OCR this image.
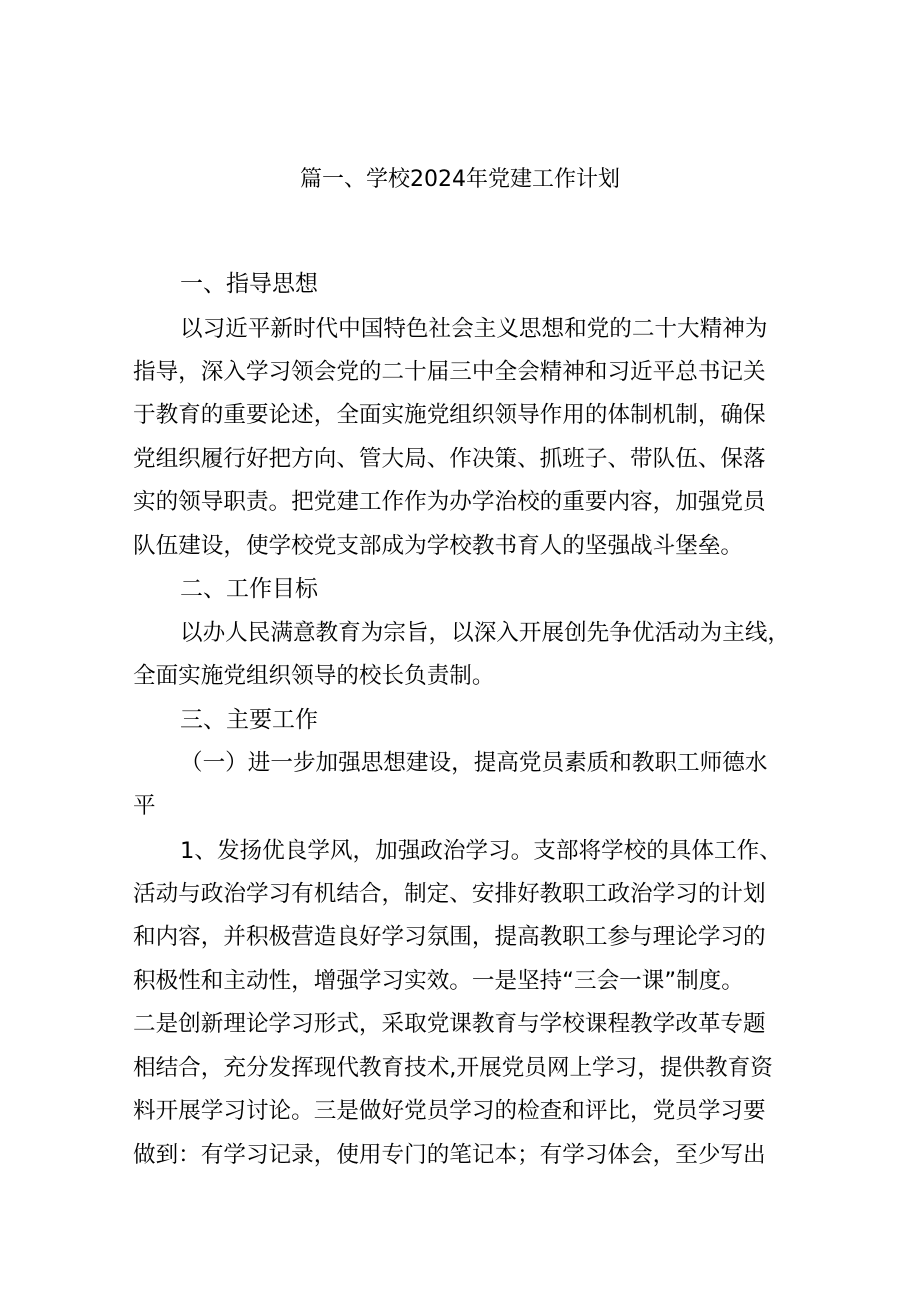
篇一、学校2024年党建工作计划
一、指导思想

以习近平新时代中国特色社会主义思想和党的二十大精神为

指导，深入学习领会党的二十届三中全会精神和习近平总书记关

于教育的重要论述，全面实施党组织领导作用的体制机制，确保

党组织履行好把方向、管大局、作决策、抓班子、带队伍、保落

实的领导职责。把党建工作作为办学治校的重要内容，加强党员

队伍建设，使学校党支部成为学校教书育人的坚强战斗堡垒。

二、工作目标

以办人民满意教育为宗旨，以深入开展创先争优活动为主线，

全面实施党组织领导的校长负责制。

三、主要工作

（一）进一步加强思想建设，提高党员素质和教职工师德水

平

1、发扬优良学风，加强政治学习。支部将学校的具体工作、

活动与政治学习有机结合，制定、安排好教职工政治学习的计划

和内容，并积极营造良好学习氛围，提高教职工参与理论学习的

积极性和主动性，增强学习实效。一是坚持“三会一课”制度。

二是创新理论学习形式，采取党课教育与学校课程教学改革专题

相结合，充分发挥现代教育技术,开展党员网上学习，提供教育资

料开展学习讨论。三是做好党员学习的检查和评比，党员学习要

做到：有学习记录，使用专门的笔记本；有学习体会，至少写出
